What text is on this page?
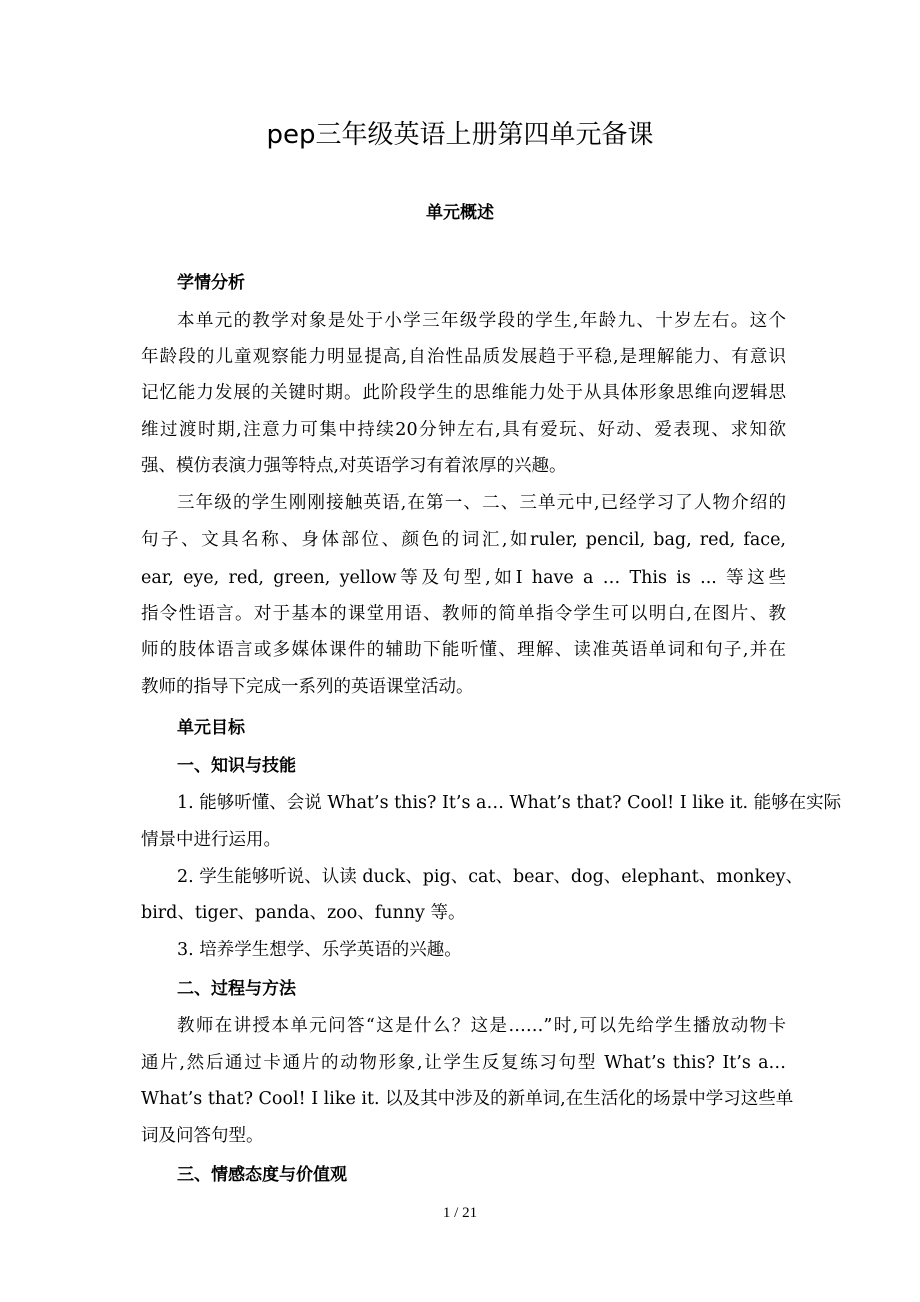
pep三年级英语上册第四单元备课
单元概述
学情分析
本单元的教学对象是处于小学三年级学段的学生,年龄九、十岁左右。这个
年龄段的儿童观察能力明显提高,自治性品质发展趋于平稳,是理解能力、有意识
记忆能力发展的关键时期。此阶段学生的思维能力处于从具体形象思维向逻辑思
维过渡时期,注意力可集中持续20分钟左右,具有爱玩、好动、爱表现、求知欲
强、模仿表演力强等特点,对英语学习有着浓厚的兴趣。
三年级的学生刚刚接触英语,在第一、二、三单元中,已经学习了人物介绍的
句子、文具名称、身体部位、颜色的词汇,如ruler, pencil, bag, red, face,
ear, eye, red, green, yellow等及句型,如I have a … This is ... 等这些
指令性语言。对于基本的课堂用语、教师的简单指令学生可以明白,在图片、教
师的肢体语言或多媒体课件的辅助下能听懂、理解、读准英语单词和句子,并在
教师的指导下完成一系列的英语课堂活动。
单元目标
一、知识与技能
1. 能够听懂、会说 What’s this? It’s a… What’s that? Cool! I like it. 能够在实际
情景中进行运用。
2. 学生能够听说、认读 duck、pig、cat、bear、dog、elephant、monkey、
bird、tiger、panda、zoo、funny 等。
3. 培养学生想学、乐学英语的兴趣。
二、过程与方法
教师在讲授本单元问答“这是什么？这是……”时,可以先给学生播放动物卡
通片,然后通过卡通片的动物形象,让学生反复练习句型 What’s this? It’s a…
What’s that? Cool! I like it. 以及其中涉及的新单词,在生活化的场景中学习这些单
词及问答句型。
三、情感态度与价值观
1 / 21
